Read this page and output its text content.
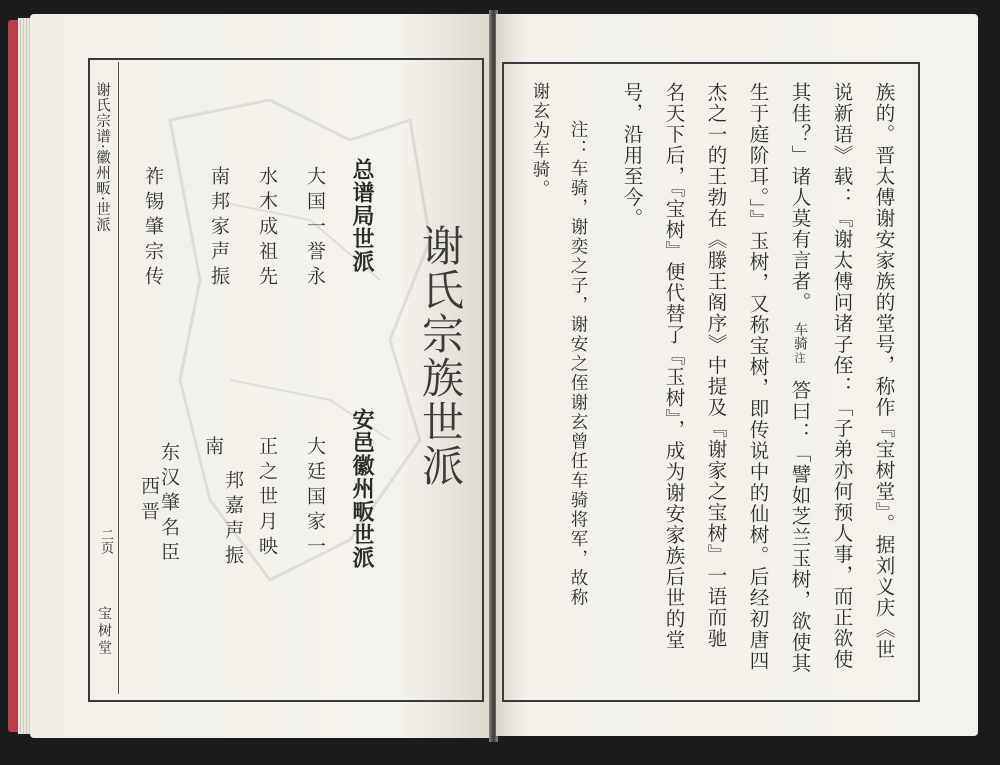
谢氏宗谱·徽州畈·世派
二页
宝树堂
谢氏宗族世派
总谱局世派
安邑徽州畈世派
大国一誉永
水木成祖先
南邦家声振
祚锡肇宗传
大廷国家一
正之世月映
南
邦嘉声振
东汉肇名臣
西晋	族的。晋太傅谢安家族的堂号，称作『宝树堂』。据刘义庆《世
说新语》载：『谢太傅问诸子侄：「子弟亦何预人事，而正欲使
其佳？」诸人莫有言者。
车骑
注
答曰：「譬如芝兰玉树，欲使其
生于庭阶耳。」』玉树，又称宝树，即传说中的仙树。后经初唐四
杰之一的王勃在《滕王阁序》中提及『谢家之宝树』一语而驰
名天下后，『宝树』便代替了『玉树』，成为谢安家族后世的堂
号，沿用至今。
注：车骑，谢奕之子，谢安之侄谢玄曾任车骑将军，故称
谢玄为车骑。
